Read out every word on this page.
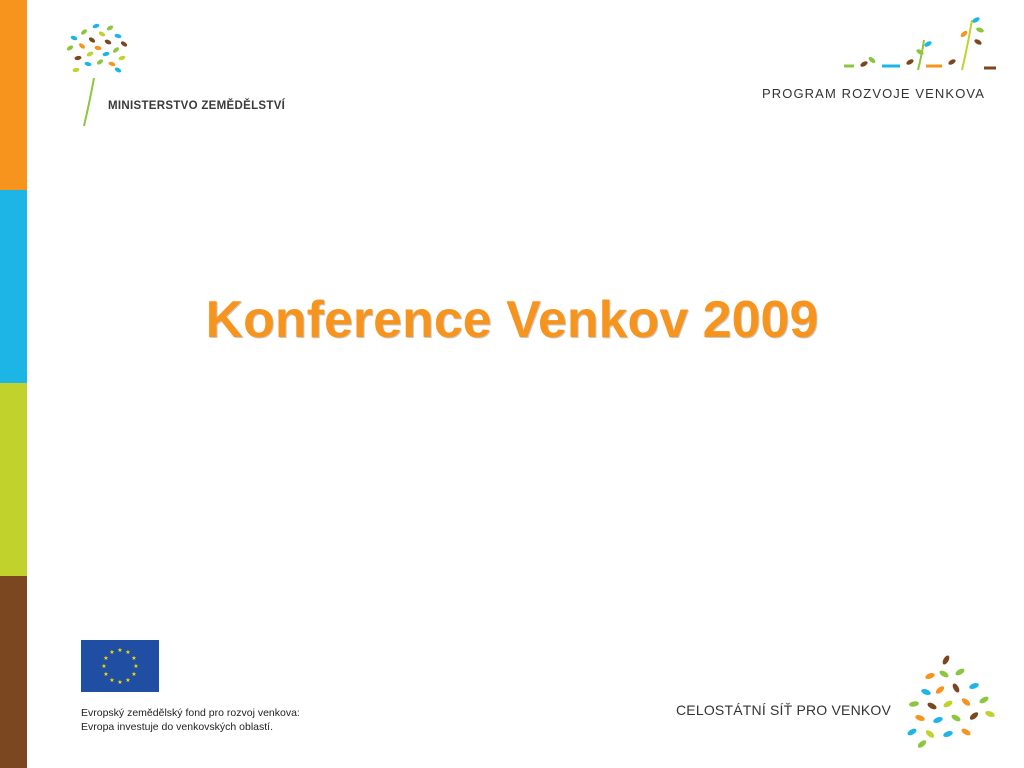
MINISTERSTVO ZEMĚDĚLSTVÍ
PROGRAM ROZVOJE VENKOVA
Konference Venkov 2009
★ ★
★
★
★
★
★
★
★
★
★
★
Evropský zemědělský fond pro rozvoj venkova:
Evropa investuje do venkovských oblastí.
CELOSTÁTNÍ SÍŤ PRO VENKOV
